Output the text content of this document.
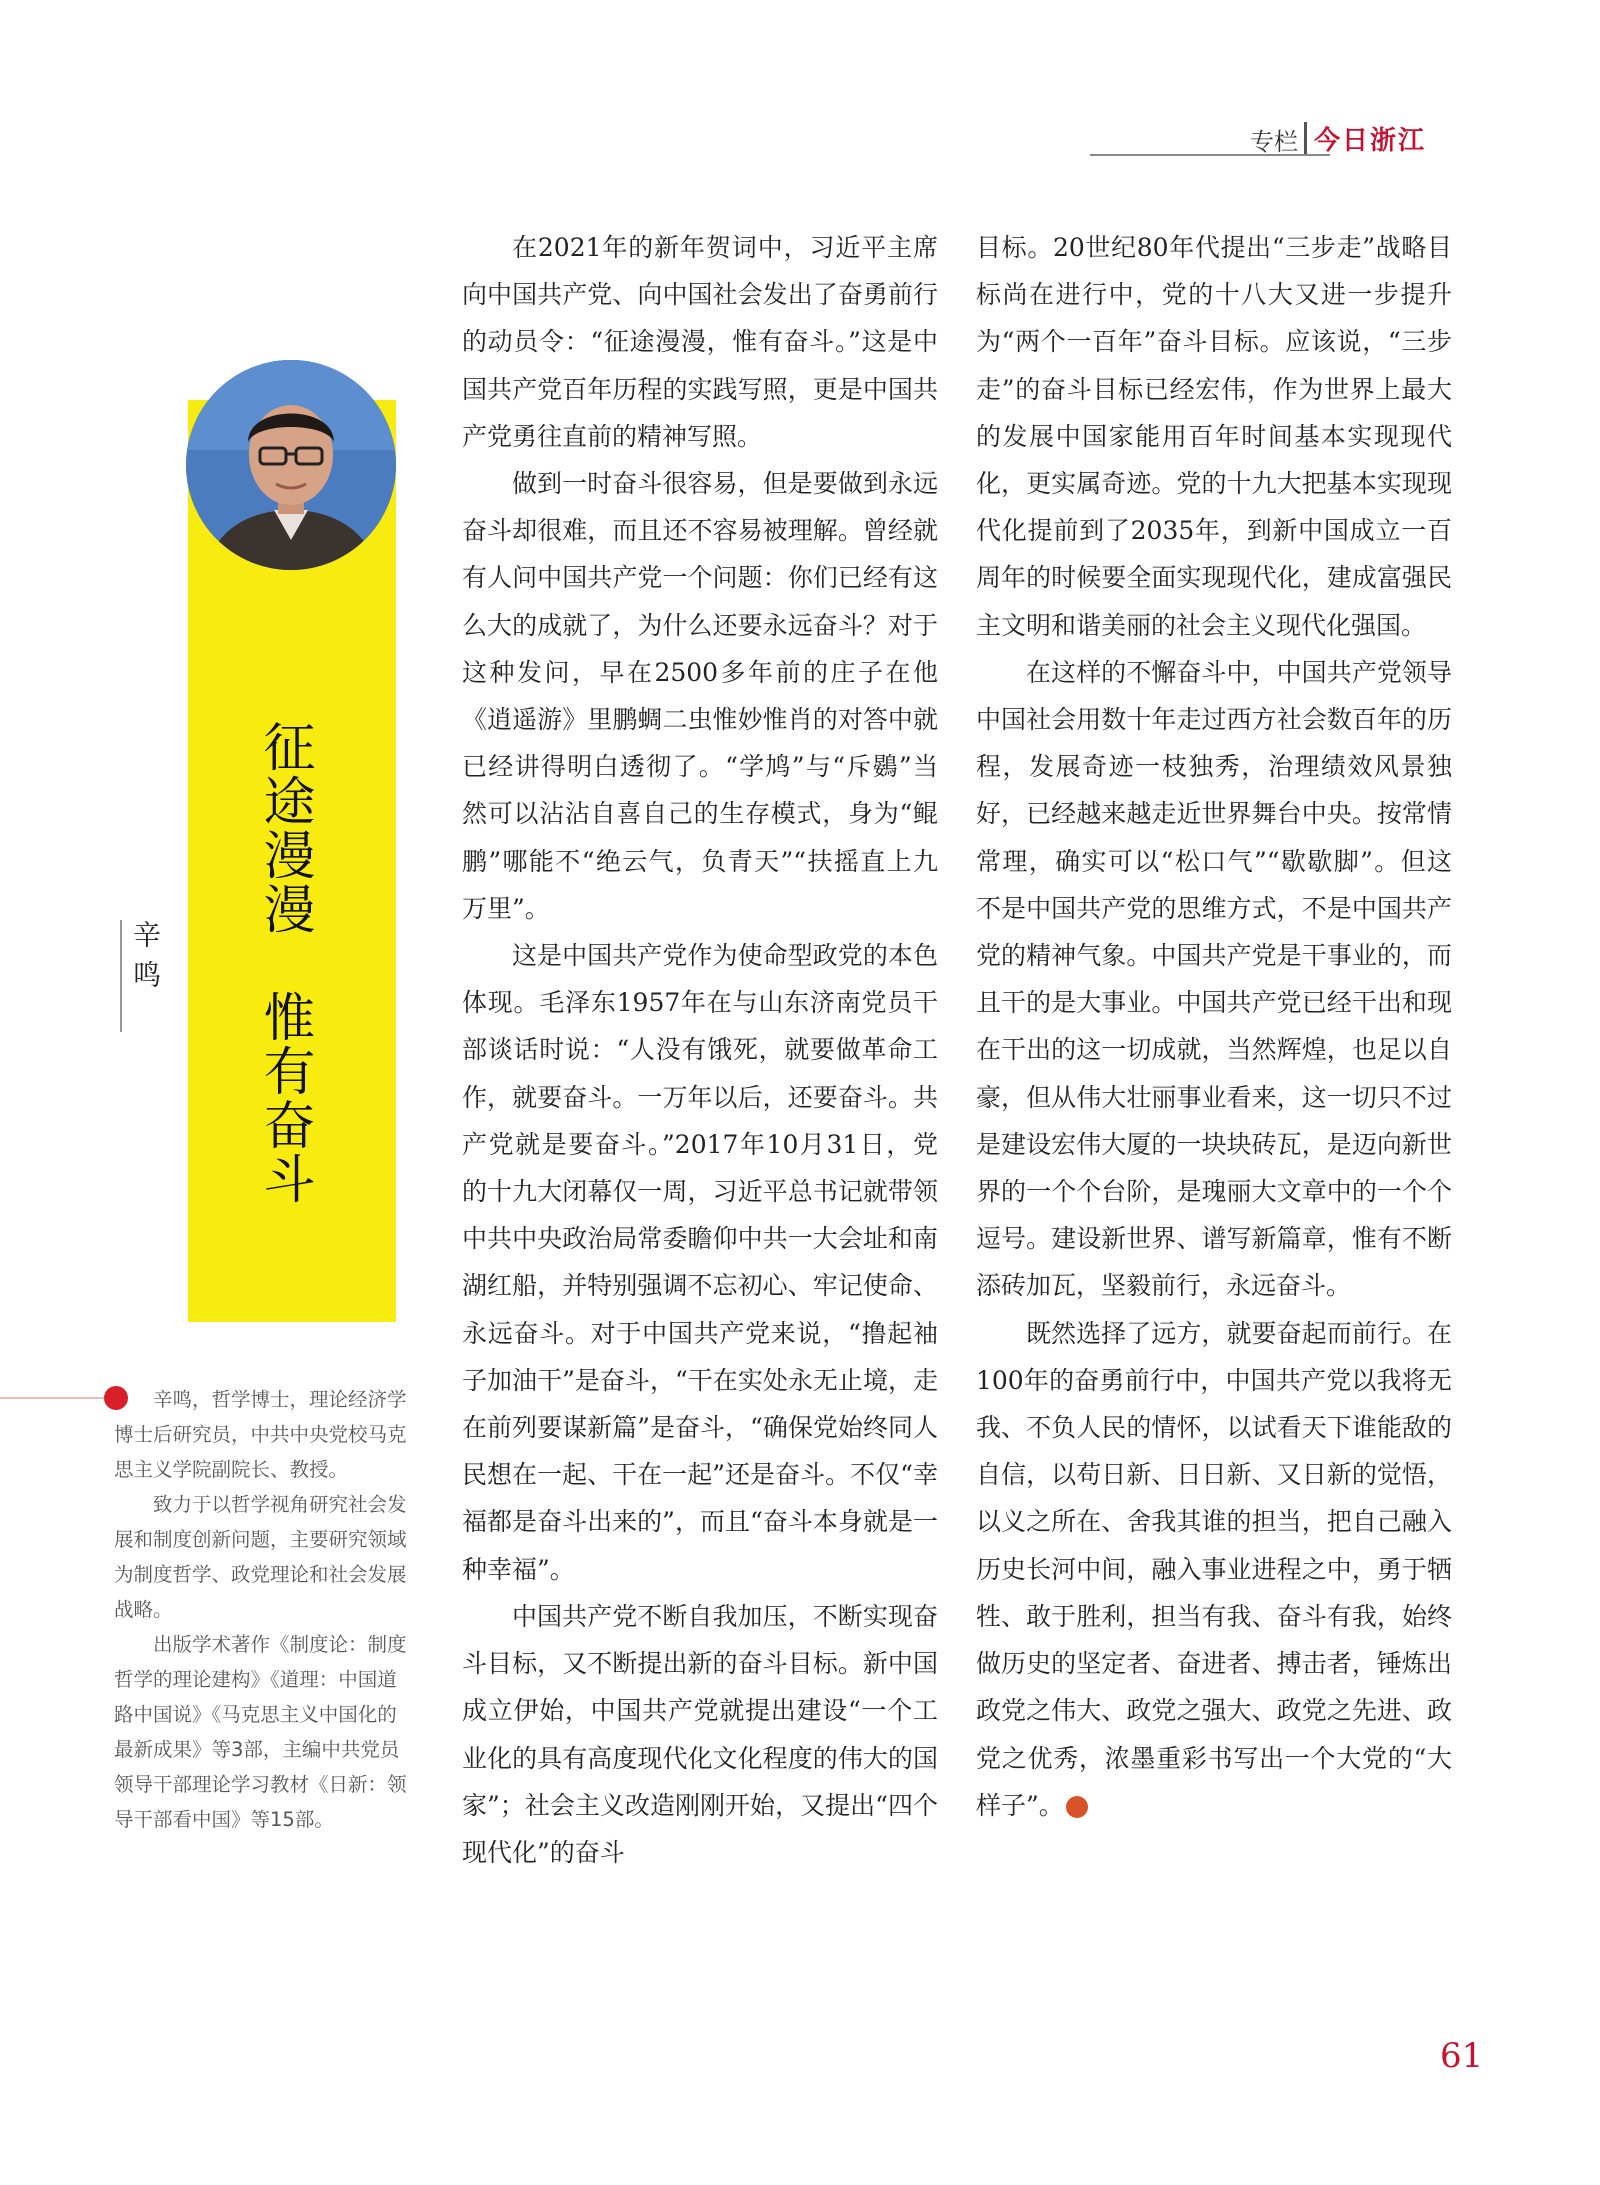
专栏 今日浙江
征途漫漫　惟有奋斗
辛鸣

辛鸣，哲学博士，理论经济学博士后研究员，中共中央党校马克思主义学院副院长、教授。

致力于以哲学视角研究社会发展和制度创新问题，主要研究领域为制度哲学、政党理论和社会发展战略。

出版学术著作《制度论：制度哲学的理论建构》《道理：中国道路中国说》《马克思主义中国化的最新成果》等3部，主编中共党员领导干部理论学习教材《日新：领导干部看中国》等15部。

在2021年的新年贺词中，习近平主席向中国共产党、向中国社会发出了奋勇前行的动员令：“征途漫漫，惟有奋斗。”这是中国共产党百年历程的实践写照，更是中国共产党勇往直前的精神写照。

做到一时奋斗很容易，但是要做到永远奋斗却很难，而且还不容易被理解。曾经就有人问中国共产党一个问题：你们已经有这么大的成就了，为什么还要永远奋斗？对于这种发问，早在2500多年前的庄子在他《逍遥游》里鹏蜩二虫惟妙惟肖的对答中就已经讲得明白透彻了。“学鸠”与“斥鷃”当然可以沾沾自喜自己的生存模式，身为“鲲鹏”哪能不“绝云气，负青天”“扶摇直上九万里”。

这是中国共产党作为使命型政党的本色体现。毛泽东1957年在与山东济南党员干部谈话时说：“人没有饿死，就要做革命工作，就要奋斗。一万年以后，还要奋斗。共产党就是要奋斗。”2017年10月31日，党的十九大闭幕仅一周，习近平总书记就带领中共中央政治局常委瞻仰中共一大会址和南湖红船，并特别强调不忘初心、牢记使命、永远奋斗。对于中国共产党来说，“撸起袖子加油干”是奋斗，“干在实处永无止境，走在前列要谋新篇”是奋斗，“确保党始终同人民想在一起、干在一起”还是奋斗。不仅“幸福都是奋斗出来的”，而且“奋斗本身就是一种幸福”。

中国共产党不断自我加压，不断实现奋斗目标，又不断提出新的奋斗目标。新中国成立伊始，中国共产党就提出建设“一个工业化的具有高度现代化文化程度的伟大的国家”；社会主义改造刚刚开始，又提出“四个现代化”的奋斗

目标。20世纪80年代提出“三步走”战略目标尚在进行中，党的十八大又进一步提升为“两个一百年”奋斗目标。应该说，“三步走”的奋斗目标已经宏伟，作为世界上最大的发展中国家能用百年时间基本实现现代化，更实属奇迹。党的十九大把基本实现现代化提前到了2035年，到新中国成立一百周年的时候要全面实现现代化，建成富强民主文明和谐美丽的社会主义现代化强国。

在这样的不懈奋斗中，中国共产党领导中国社会用数十年走过西方社会数百年的历程，发展奇迹一枝独秀，治理绩效风景独好，已经越来越走近世界舞台中央。按常情常理，确实可以“松口气”“歇歇脚”。但这不是中国共产党的思维方式，不是中国共产党的精神气象。中国共产党是干事业的，而且干的是大事业。中国共产党已经干出和现在干出的这一切成就，当然辉煌，也足以自豪，但从伟大壮丽事业看来，这一切只不过是建设宏伟大厦的一块块砖瓦，是迈向新世界的一个个台阶，是瑰丽大文章中的一个个逗号。建设新世界、谱写新篇章，惟有不断添砖加瓦，坚毅前行，永远奋斗。

既然选择了远方，就要奋起而前行。在100年的奋勇前行中，中国共产党以我将无我、不负人民的情怀，以试看天下谁能敌的自信，以苟日新、日日新、又日新的觉悟，以义之所在、舍我其谁的担当，把自己融入历史长河中间，融入事业进程之中，勇于牺牲、敢于胜利，担当有我、奋斗有我，始终做历史的坚定者、奋进者、搏击者，锤炼出政党之伟大、政党之强大、政党之先进、政党之优秀，浓墨重彩书写出一个大党的“大样子”。

61
